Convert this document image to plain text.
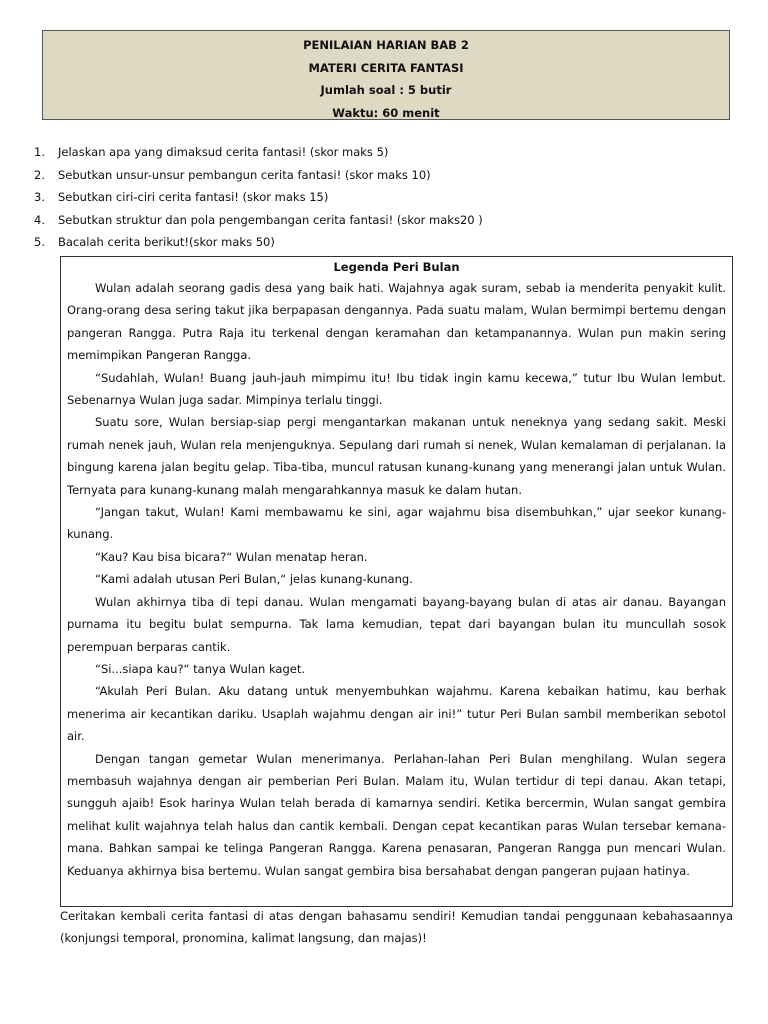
PENILAIAN HARIAN BAB 2
MATERI CERITA FANTASI
Jumlah soal : 5 butir
Waktu: 60 menit
1. Jelaskan apa yang dimaksud cerita fantasi! (skor maks 5)
2. Sebutkan unsur-unsur pembangun cerita fantasi! (skor maks 10)
3. Sebutkan ciri-ciri cerita fantasi! (skor maks 15)
4. Sebutkan struktur dan pola pengembangan cerita fantasi! (skor maks20 )
5. Bacalah cerita berikut!(skor maks 50)
Legenda Peri Bulan

Wulan adalah seorang gadis desa yang baik hati. Wajahnya agak suram, sebab ia menderita penyakit kulit. Orang-orang desa sering takut jika berpapasan dengannya. Pada suatu malam, Wulan bermimpi bertemu dengan pangeran Rangga. Putra Raja itu terkenal dengan keramahan dan ketampanannya. Wulan pun makin sering memimpikan Pangeran Rangga.

“Sudahlah, Wulan! Buang jauh-jauh mimpimu itu! Ibu tidak ingin kamu kecewa,” tutur Ibu Wulan lembut. Sebenarnya Wulan juga sadar. Mimpinya terlalu tinggi.

Suatu sore, Wulan bersiap-siap pergi mengantarkan makanan untuk neneknya yang sedang sakit. Meski rumah nenek jauh, Wulan rela menjenguknya. Sepulang dari rumah si nenek, Wulan kemalaman di perjalanan. Ia bingung karena jalan begitu gelap. Tiba-tiba, muncul ratusan kunang-kunang yang menerangi jalan untuk Wulan. Ternyata para kunang-kunang malah mengarahkannya masuk ke dalam hutan.

“Jangan takut, Wulan! Kami membawamu ke sini, agar wajahmu bisa disembuhkan,” ujar seekor kunang-kunang.

“Kau? Kau bisa bicara?“ Wulan menatap heran.

“Kami adalah utusan Peri Bulan,“ jelas kunang-kunang.

Wulan akhirnya tiba di tepi danau. Wulan mengamati bayang-bayang bulan di atas air danau. Bayangan purnama itu begitu bulat sempurna. Tak lama kemudian, tepat dari bayangan bulan itu muncullah sosok perempuan berparas cantik.

“Si...siapa kau?“ tanya Wulan kaget.

“Akulah Peri Bulan. Aku datang untuk menyembuhkan wajahmu. Karena kebaikan hatimu, kau berhak menerima air kecantikan dariku. Usaplah wajahmu dengan air ini!” tutur Peri Bulan sambil memberikan sebotol air.

Dengan tangan gemetar Wulan menerimanya. Perlahan-lahan Peri Bulan menghilang. Wulan segera membasuh wajahnya dengan air pemberian Peri Bulan. Malam itu, Wulan tertidur di tepi danau. Akan tetapi, sungguh ajaib! Esok harinya Wulan telah berada di kamarnya sendiri. Ketika bercermin, Wulan sangat gembira melihat kulit wajahnya telah halus dan cantik kembali. Dengan cepat kecantikan paras Wulan tersebar kemana-mana. Bahkan sampai ke telinga Pangeran Rangga. Karena penasaran, Pangeran Rangga pun mencari Wulan. Keduanya akhirnya bisa bertemu. Wulan sangat gembira bisa bersahabat dengan pangeran pujaan hatinya.

Ceritakan kembali cerita fantasi di atas dengan bahasamu sendiri! Kemudian tandai penggunaan kebahasaannya (konjungsi temporal, pronomina, kalimat langsung, dan majas)!
